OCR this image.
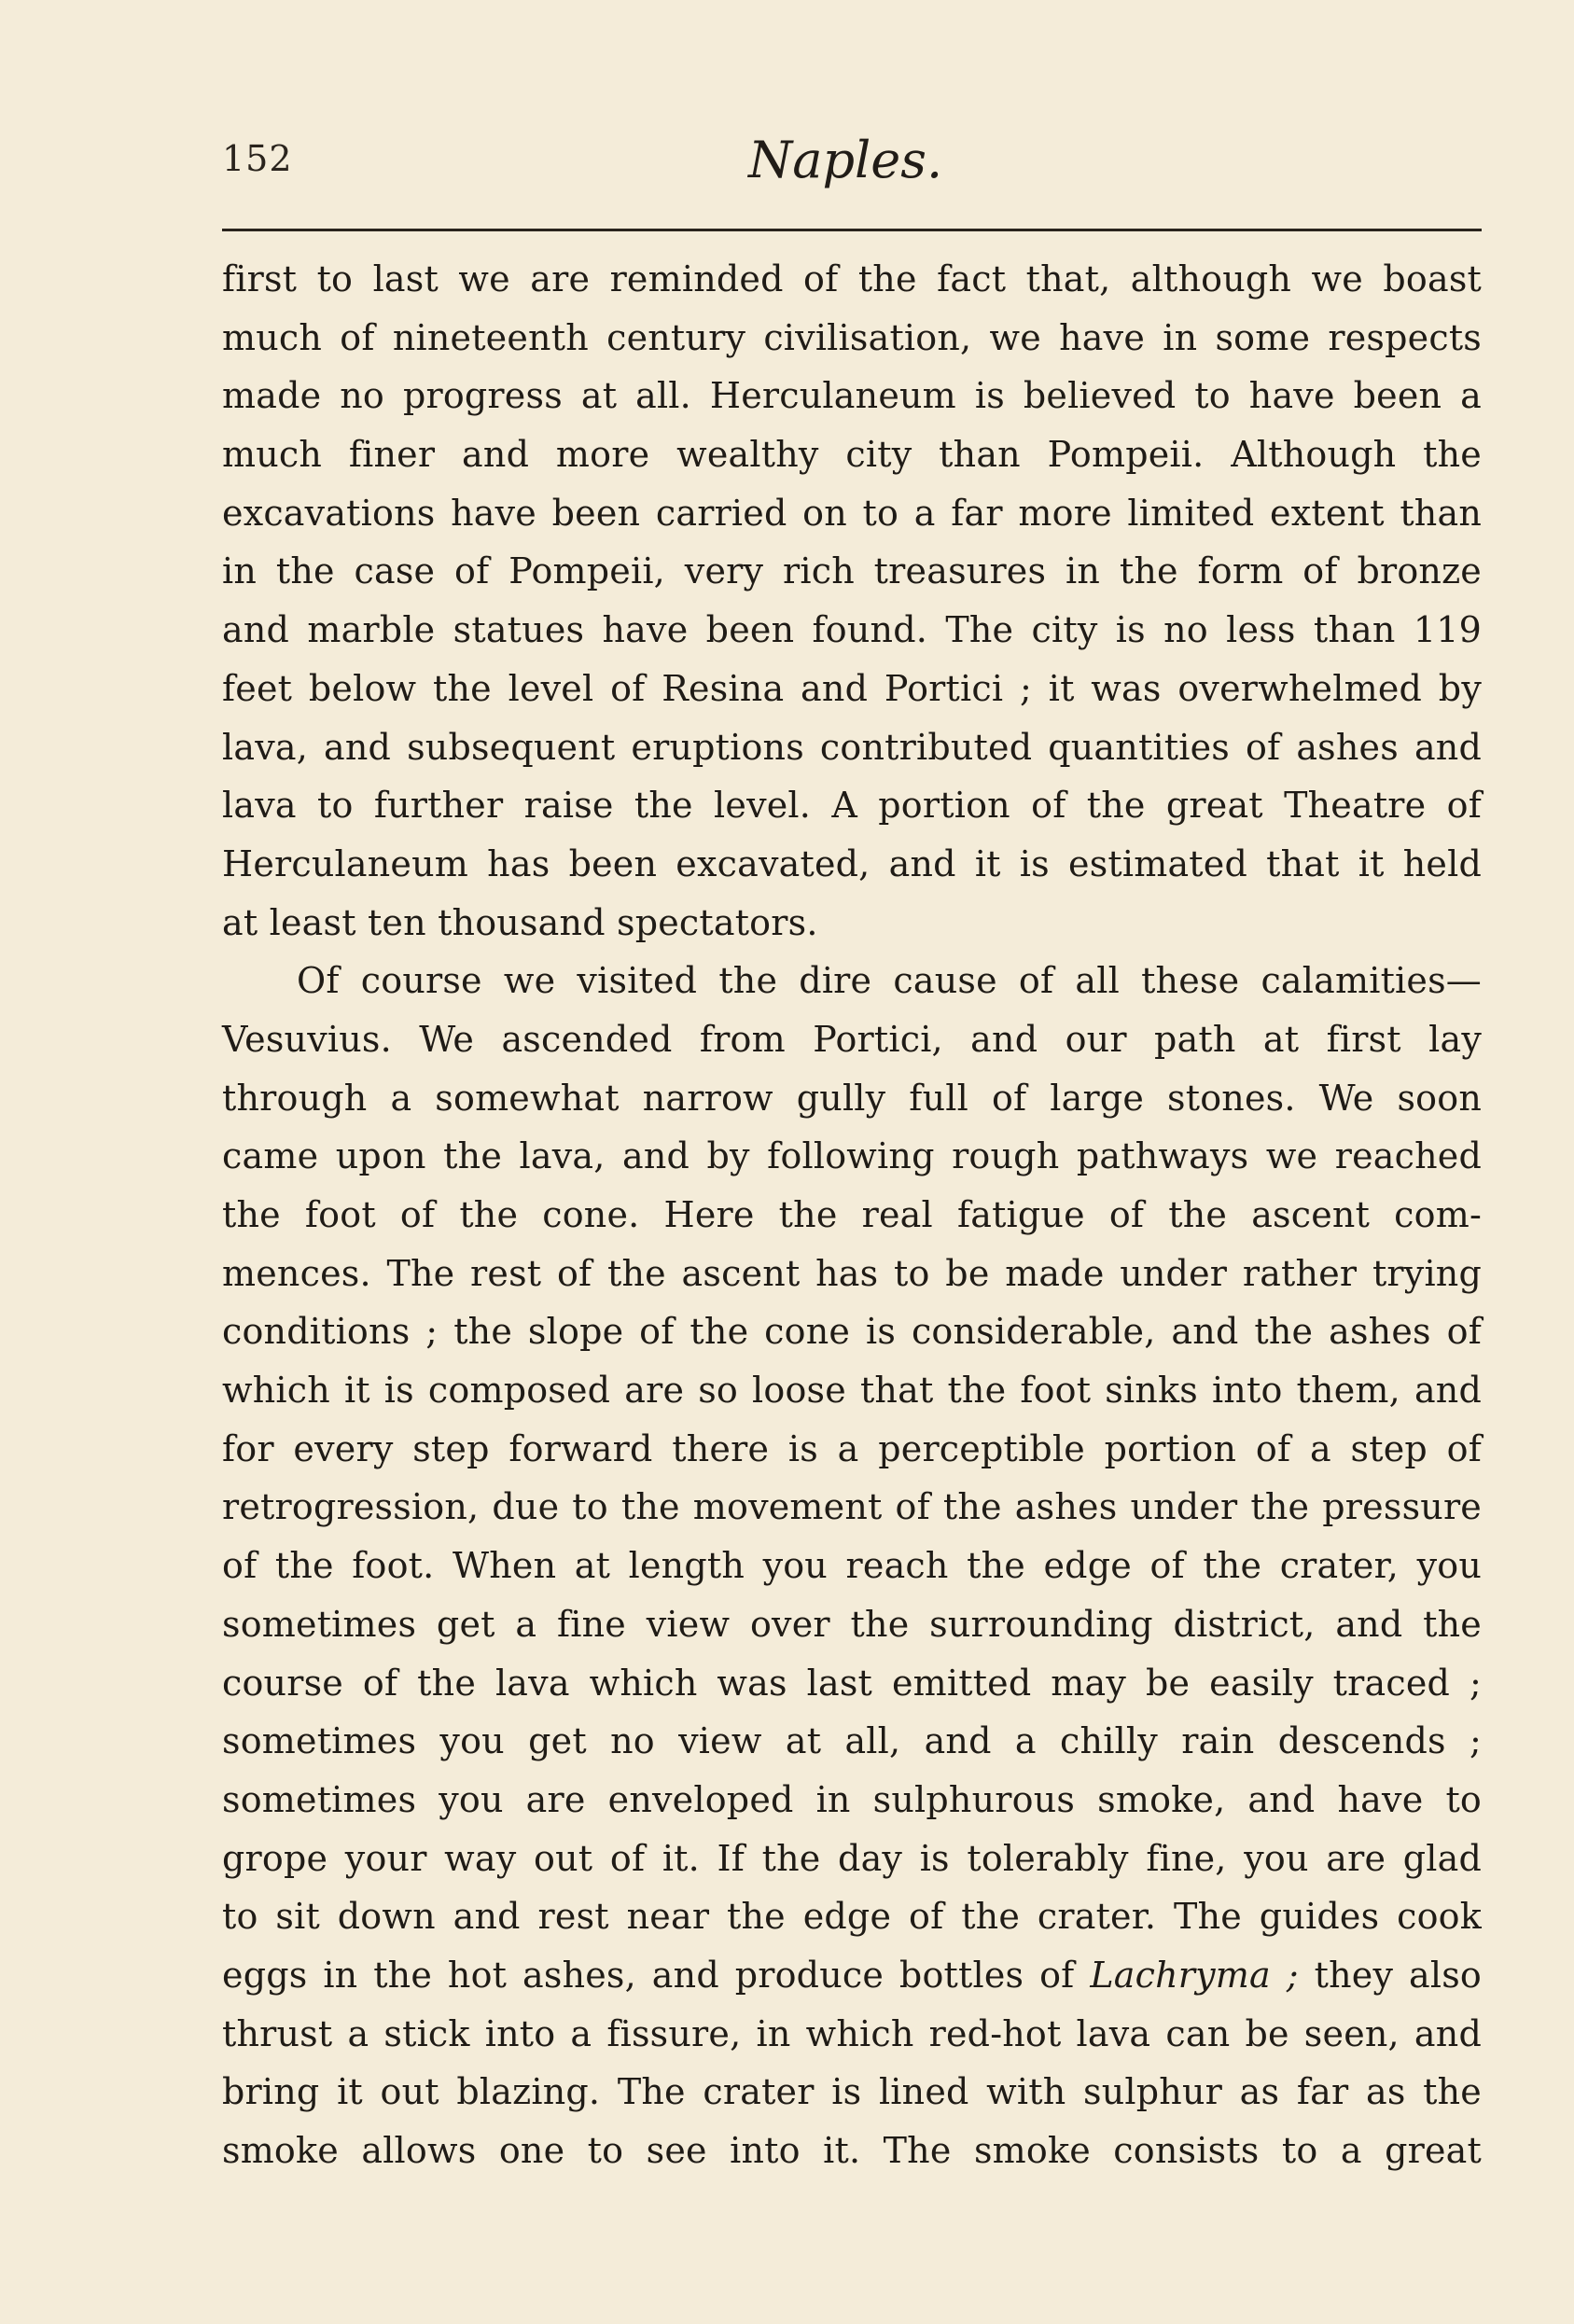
152	Naples.
first to last we are reminded of the fact that, although we boast
much of nineteenth century civilisation, we have in some respects
made no progress at all. Herculaneum is believed to have been a
much finer and more wealthy city than Pompeii. Although the
excavations have been carried on to a far more limited extent than
in the case of Pompeii, very rich treasures in the form of bronze
and marble statues have been found. The city is no less than 119
feet below the level of Resina and Portici ; it was overwhelmed by
lava, and subsequent eruptions contributed quantities of ashes and
lava to further raise the level. A portion of the great Theatre of
Herculaneum has been excavated, and it is estimated that it held
at least ten thousand spectators.
Of course we visited the dire cause of all these calamities—
Vesuvius. We ascended from Portici, and our path at first lay
through a somewhat narrow gully full of large stones. We soon
came upon the lava, and by following rough pathways we reached
the foot of the cone. Here the real fatigue of the ascent com-
mences. The rest of the ascent has to be made under rather trying
conditions ; the slope of the cone is considerable, and the ashes of
which it is composed are so loose that the foot sinks into them, and
for every step forward there is a perceptible portion of a step of
retrogression, due to the movement of the ashes under the pressure
of the foot. When at length you reach the edge of the crater, you
sometimes get a fine view over the surrounding district, and the
course of the lava which was last emitted may be easily traced ;
sometimes you get no view at all, and a chilly rain descends ;
sometimes you are enveloped in sulphurous smoke, and have to
grope your way out of it. If the day is tolerably fine, you are glad
to sit down and rest near the edge of the crater. The guides cook
eggs in the hot ashes, and produce bottles of Lachryma ; they also
thrust a stick into a fissure, in which red-hot lava can be seen, and
bring it out blazing. The crater is lined with sulphur as far as the
smoke allows one to see into it. The smoke consists to a great
